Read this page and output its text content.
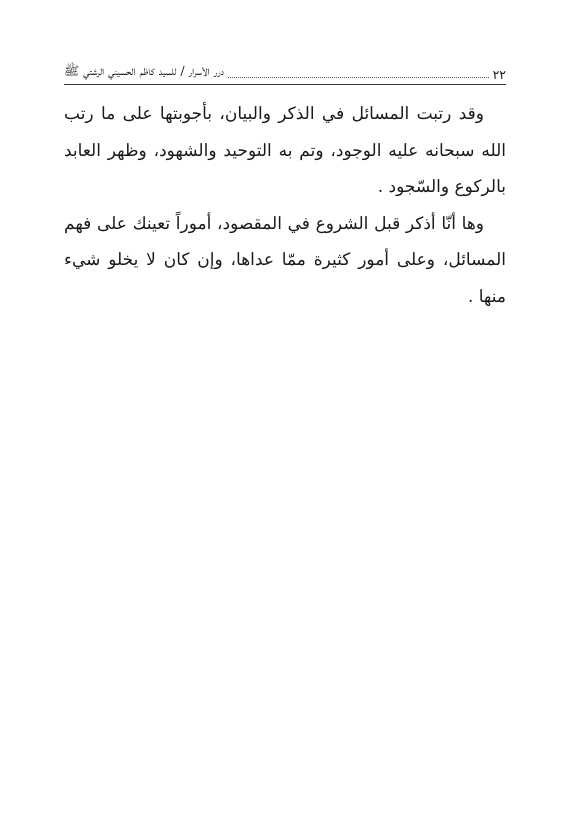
٢٢
درر الأسرار / للسيد كاظم الحسيني الرشتي ﷺ

وقد رتبت المسائل في الذكر والبيان، بأجوبتها على ما رتب الله سبحانه عليه الوجود، وتم به التوحيد والشهود، وظهر العابد بالركوع والسّجود .

وها أنّا أذكر قبل الشروع في المقصود، أموراً تعينك على فهم المسائل، وعلى أمور كثيرة ممّا عداها، وإن كان لا يخلو شيء منها .
